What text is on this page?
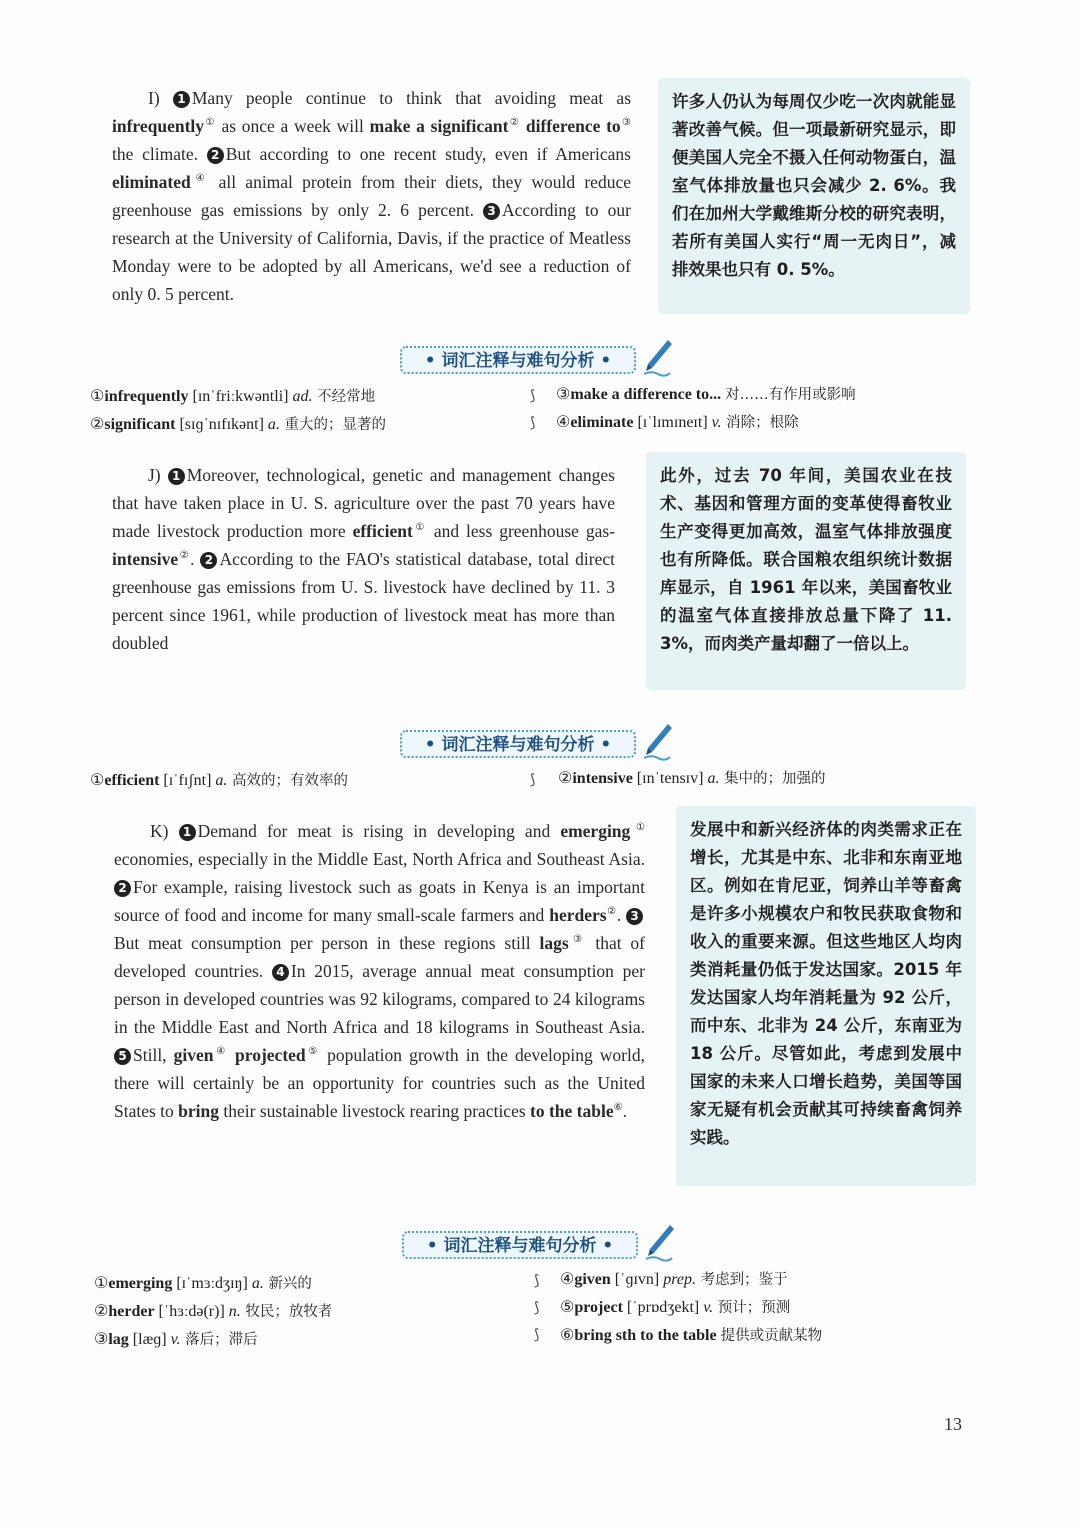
I) 1 Many people continue to think that avoiding meat as infrequently① as once a week will make a significant② difference to③ the climate. 2 But according to one recent study, even if Americans eliminated④ all animal protein from their diets, they would reduce greenhouse gas emissions by only 2. 6 percent. 3 According to our research at the University of California, Davis, if the practice of Meatless Monday were to be adopted by all Americans, we'd see a reduction of only 0. 5 percent.

许多人仍认为每周仅少吃一次肉就能显著改善气候。但一项最新研究显示，即便美国人完全不摄入任何动物蛋白，温室气体排放量也只会减少 2. 6%。我们在加州大学戴维斯分校的研究表明，若所有美国人实行“周一无肉日”，减排效果也只有 0. 5%。
• 词汇注释与难句分析 •
①infrequently [ɪnˈfriːkwəntli] ad. 不经常地
②significant [sɪɡˈnɪfɪkənt] a. 重大的；显著的
⟆
⟆
③make a difference to... 对……有作用或影响
④eliminate [ɪˈlɪmɪneɪt] v. 消除；根除

J) 1 Moreover, technological, genetic and management changes that have taken place in U. S. agriculture over the past 70 years have made livestock production more efficient① and less greenhouse gas-intensive②. 2 According to the FAO's statistical database, total direct greenhouse gas emissions from U. S. livestock have declined by 11. 3 percent since 1961, while production of livestock meat has more than doubled

此外，过去 70 年间，美国农业在技术、基因和管理方面的变革使得畜牧业生产变得更加高效，温室气体排放强度也有所降低。联合国粮农组织统计数据库显示，自 1961 年以来，美国畜牧业的温室气体直接排放总量下降了 11. 3%，而肉类产量却翻了一倍以上。
• 词汇注释与难句分析 •
①efficient [ɪˈfɪʃnt] a. 高效的；有效率的	⟆ ②intensive [ɪnˈtensɪv] a. 集中的；加强的

K) 1 Demand for meat is rising in developing and emerging① economies, especially in the Middle East, North Africa and Southeast Asia. 2 For example, raising livestock such as goats in Kenya is an important source of food and income for many small-scale farmers and herders②. 3But meat consumption per person in these regions still lags③ that of developed countries. 4 In 2015, average annual meat consumption per person in developed countries was 92 kilograms, compared to 24 kilograms in the Middle East and North Africa and 18 kilograms in Southeast Asia. 5 Still, given④ projected⑤ population growth in the developing world, there will certainly be an opportunity for countries such as the United States to bring their sustainable livestock rearing practices to the table⑥.

发展中和新兴经济体的肉类需求正在增长，尤其是中东、北非和东南亚地区。例如在肯尼亚，饲养山羊等畜禽是许多小规模农户和牧民获取食物和收入的重要来源。但这些地区人均肉类消耗量仍低于发达国家。2015 年发达国家人均年消耗量为 92 公斤，而中东、北非为 24 公斤，东南亚为 18 公斤。尽管如此，考虑到发展中国家的未来人口增长趋势，美国等国家无疑有机会贡献其可持续畜禽饲养实践。
• 词汇注释与难句分析 •
①emerging [ɪˈmɜːdʒɪŋ] a. 新兴的
②herder [ˈhɜːdə(r)] n. 牧民；放牧者
③lag [læɡ] v. 落后；滞后
⟆
⟆
⟆
④given [ˈɡɪvn] prep. 考虑到；鉴于
⑤project [ˈprɒdʒekt] v. 预计；预测
⑥bring sth to the table 提供或贡献某物
13
